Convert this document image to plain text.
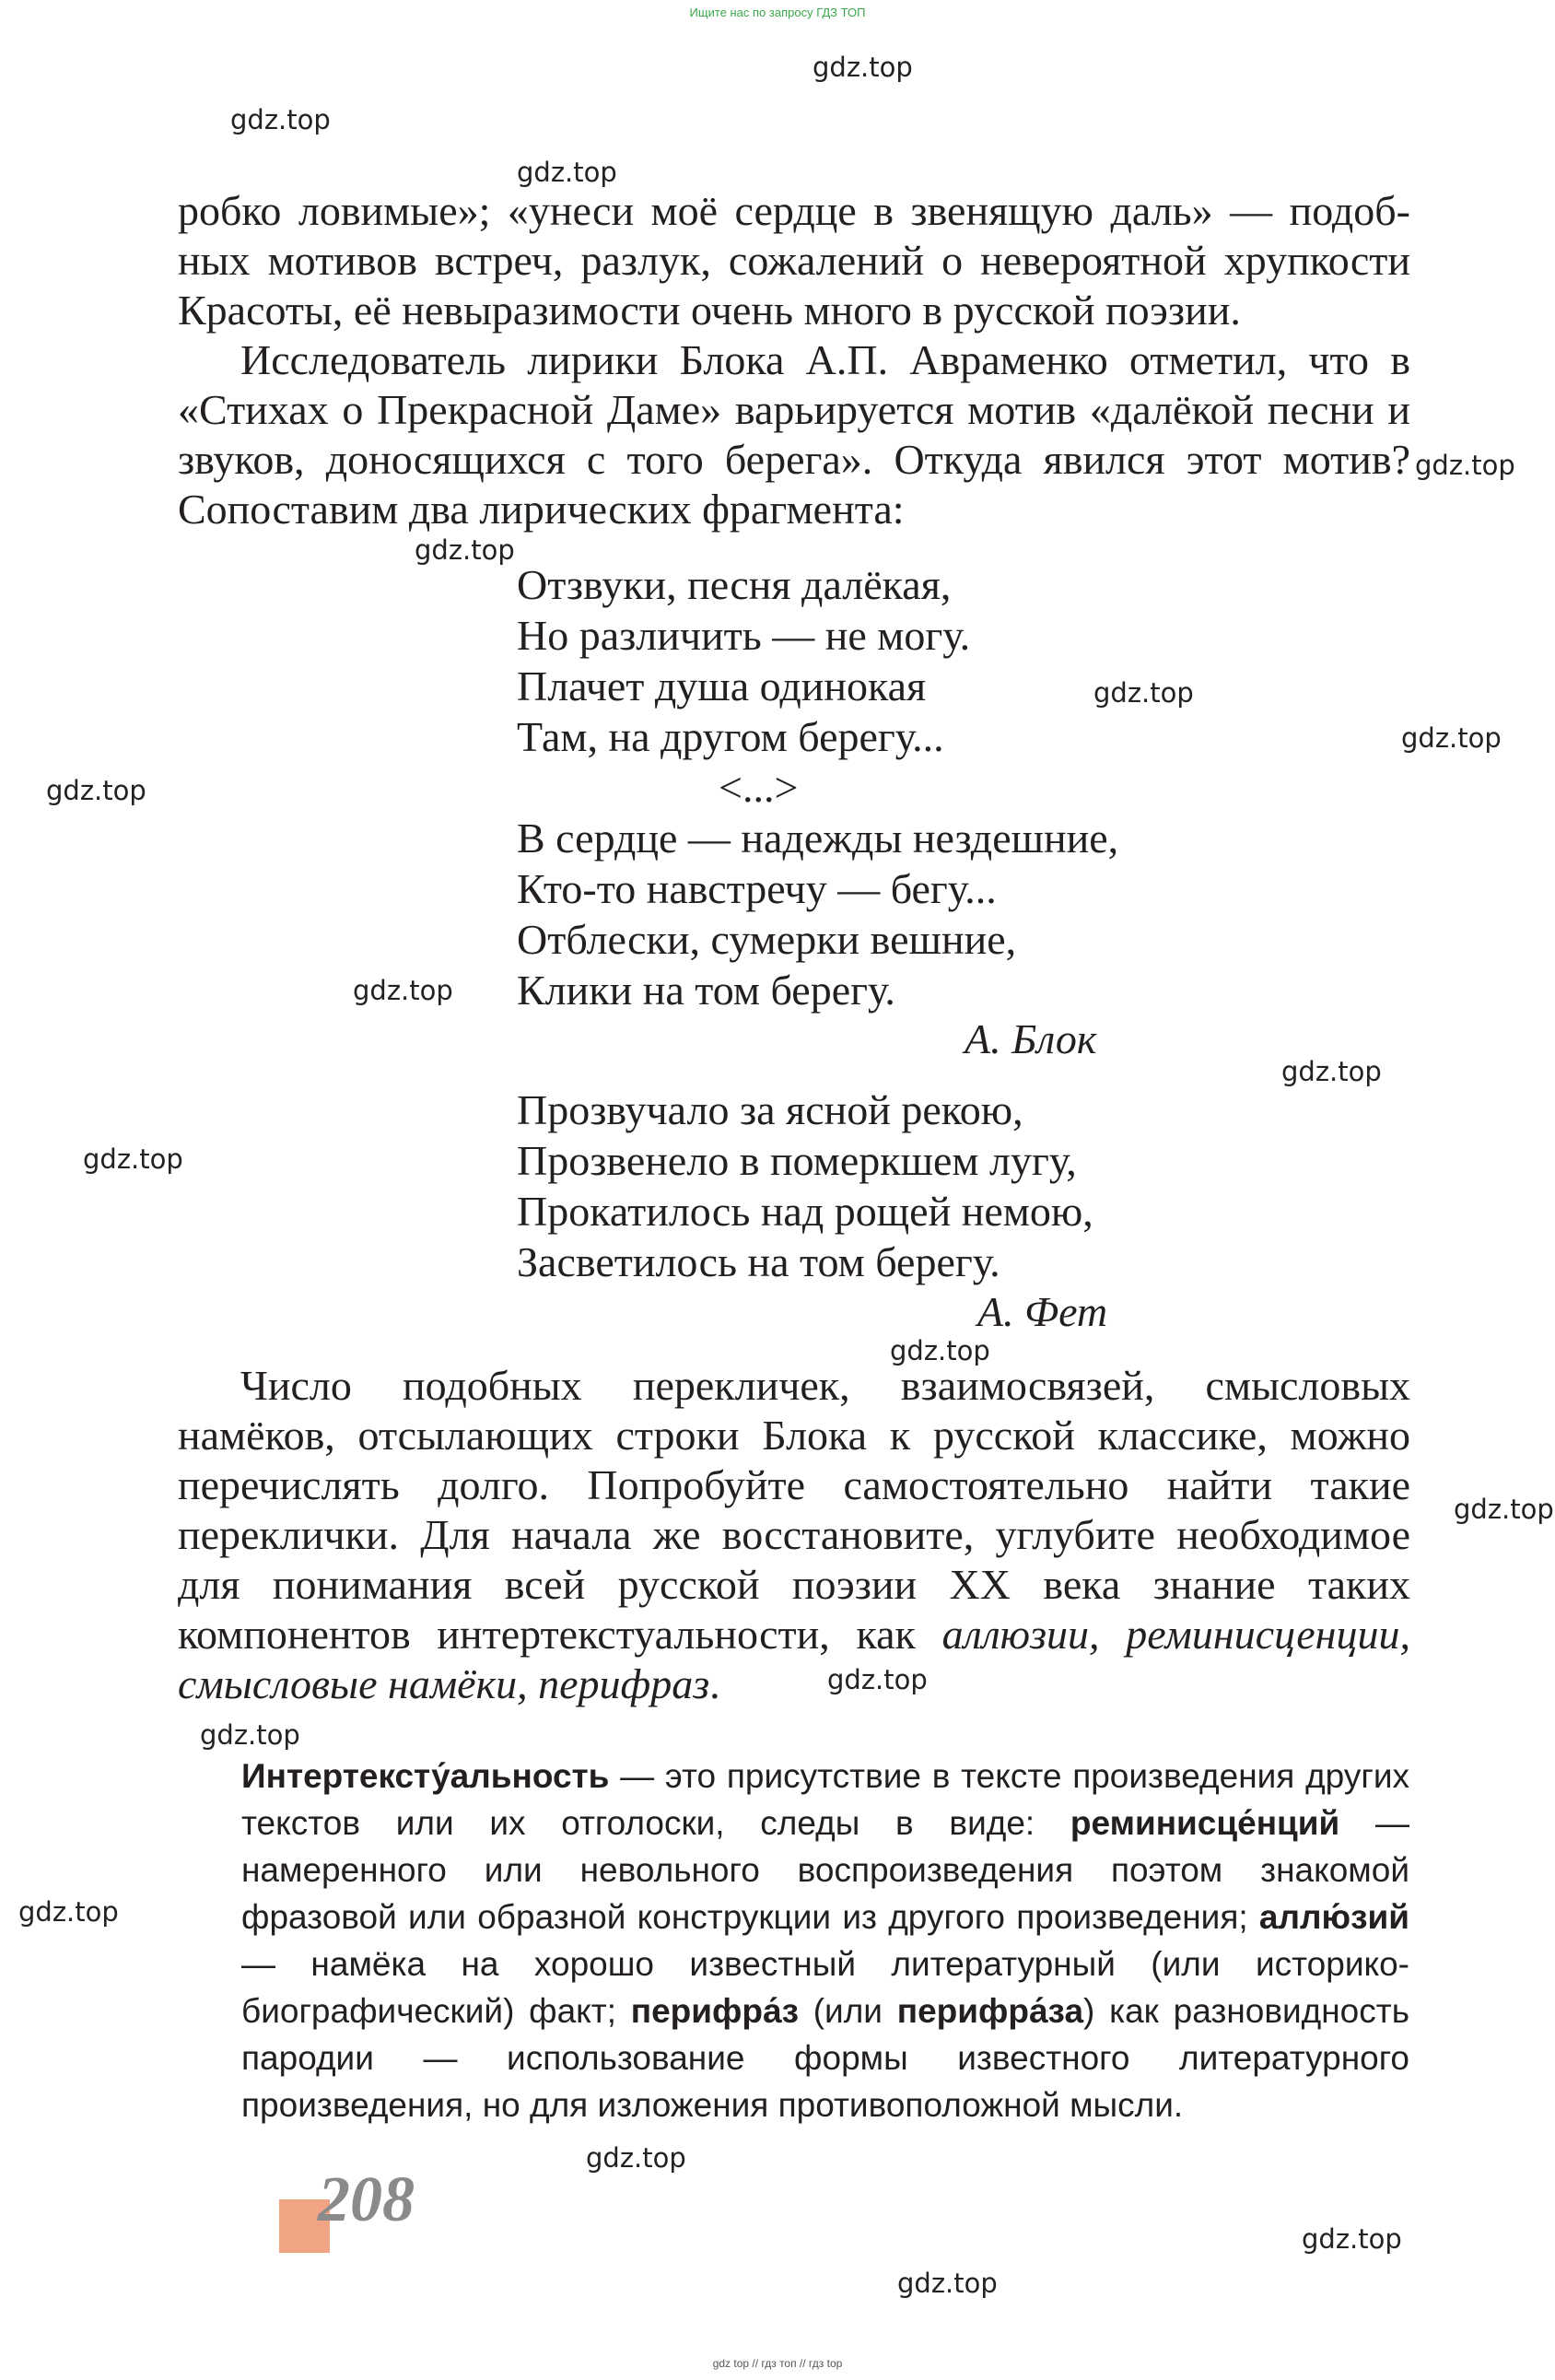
Ищите нас по запросу ГДЗ ТОП
gdz.top
gdz.top
gdz.top
gdz.top
gdz.top
gdz.top
gdz.top
gdz.top
gdz.top
gdz.top
gdz.top
gdz.top
gdz.top
gdz.top
gdz.top
gdz.top
gdz.top
gdz.top
gdz.top

робко ловимые»; «унеси моё сердце в звенящую даль» — подоб-ных мотивов встреч, разлук, сожалений о невероятной хрупкости Красоты, её невыразимости очень много в русской поэзии.

Исследователь лирики Блока А.П. Авраменко отметил, что в «Стихах о Прекрасной Даме» варьируется мотив «далёкой песни и звуков, доносящихся с того берега». Откуда явился этот мотив? Сопоставим два лирических фрагмента:

Отзвуки, песня далёкая,
Но различить — не могу.
Плачет душа одинокая
Там, на другом берегу...
<...>
В сердце — надежды нездешние,
Кто-то навстречу — бегу...
Отблески, сумерки вешние,
Клики на том берегу.
А. Блок
Прозвучало за ясной рекою,
Прозвенело в померкшем лугу,
Прокатилось над рощей немою,
Засветилось на том берегу.
А. Фет
Число подобных перекличек, взаимосвязей, смысловых намёков, отсылающих строки Блока к русской классике, можно перечислять долго. Попробуйте самостоятельно найти такие переклички. Для начала же восстановите, углубите необходимое для понимания всей русской поэзии XX века знание таких компонентов интертекстуальности, как аллюзии, реминисценции, смысловые намёки, перифраз.
Интертексту́альность — это присутствие в тексте произведения других текстов или их отголоски, следы в виде: реминисце́нций — намеренного или невольного воспроизведения поэтом знакомой фразовой или образной конструкции из другого произведения; аллю́зий — намёка на хорошо известный литературный (или историко-биографический) факт; перифра́з (или перифра́за) как разновидность пародии — использование формы известного литературного произведения, но для изложения противоположной мысли.
208
gdz top // гдз топ // гдз top
